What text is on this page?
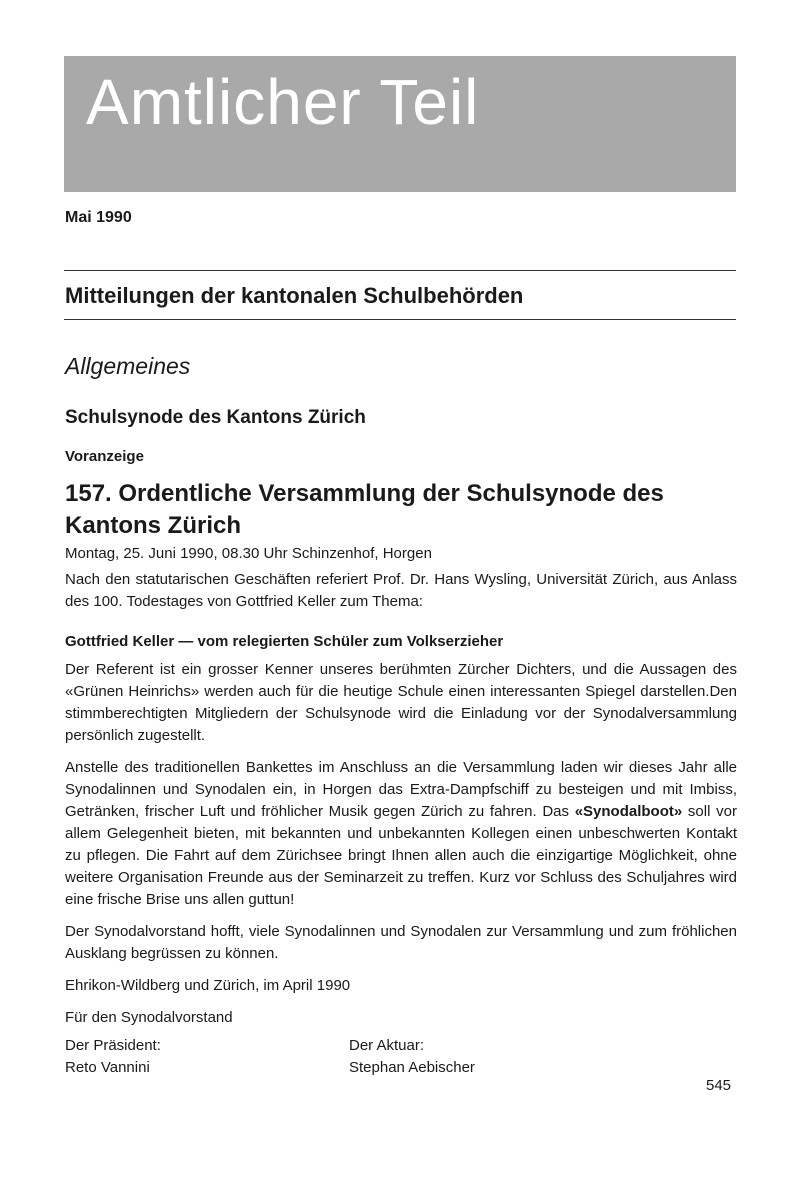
Amtlicher Teil
Mai 1990
Mitteilungen der kantonalen Schulbehörden
Allgemeines
Schulsynode des Kantons Zürich
Voranzeige
157. Ordentliche Versammlung der Schulsynode des Kantons Zürich

Montag, 25. Juni 1990, 08.30 Uhr Schinzenhof, Horgen

Nach den statutarischen Geschäften referiert Prof. Dr. Hans Wysling, Universität Zürich, aus Anlass des 100. Todestages von Gottfried Keller zum Thema:

Gottfried Keller — vom relegierten Schüler zum Volkserzieher

Der Referent ist ein grosser Kenner unseres berühmten Zürcher Dichters, und die Aussagen des «Grünen Heinrichs» werden auch für die heutige Schule einen interessanten Spiegel darstellen.Den stimmberechtigten Mitgliedern der Schulsynode wird die Einladung vor der Synodalversammlung persönlich zugestellt.

Anstelle des traditionellen Bankettes im Anschluss an die Versammlung laden wir dieses Jahr alle Synodalinnen und Synodalen ein, in Horgen das Extra-Dampfschiff zu besteigen und mit Imbiss, Getränken, frischer Luft und fröhlicher Musik gegen Zürich zu fahren. Das «Synodalboot» soll vor allem Gelegenheit bieten, mit bekannten und unbekannten Kollegen einen unbeschwerten Kontakt zu pflegen. Die Fahrt auf dem Zürichsee bringt Ihnen allen auch die einzigartige Möglichkeit, ohne weitere Organisation Freunde aus der Seminarzeit zu treffen. Kurz vor Schluss des Schuljahres wird eine frische Brise uns allen guttun!

Der Synodalvorstand hofft, viele Synodalinnen und Synodalen zur Versammlung und zum fröhlichen Ausklang begrüssen zu können.

Ehrikon-Wildberg und Zürich, im April 1990

Für den Synodalvorstand

Der Präsident:
Reto Vannini
Der Aktuar:
Stephan Aebischer
545
